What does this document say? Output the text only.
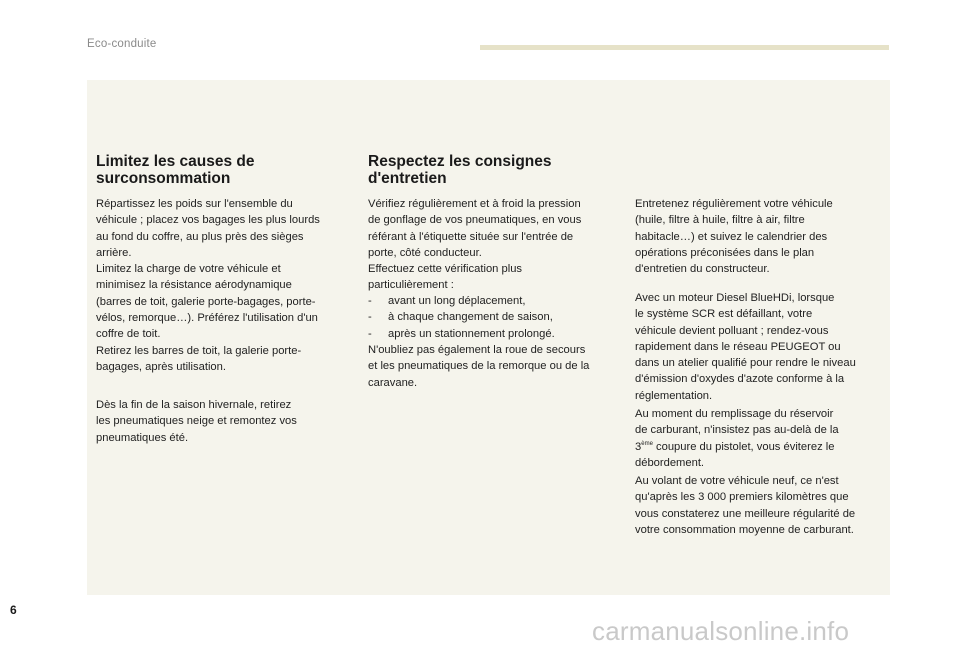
Eco-conduite
Limitez les causes de
surconsommation

Répartissez les poids sur l'ensemble du
véhicule ; placez vos bagages les plus lourds
au fond du coffre, au plus près des sièges
arrière.
Limitez la charge de votre véhicule et
minimisez la résistance aérodynamique
(barres de toit, galerie porte-bagages, porte-
vélos, remorque…). Préférez l'utilisation d'un
coffre de toit.
Retirez les barres de toit, la galerie porte-
bagages, après utilisation.

Dès la fin de la saison hivernale, retirez
les pneumatiques neige et remontez vos
pneumatiques été.

Respectez les consignes
d'entretien

Vérifiez régulièrement et à froid la pression
de gonflage de vos pneumatiques, en vous
référant à l'étiquette située sur l'entrée de
porte, côté conducteur.
Effectuez cette vérification plus
particulièrement :

- avant un long déplacement,
- à chaque changement de saison,
- après un stationnement prolongé.

N'oubliez pas également la roue de secours
et les pneumatiques de la remorque ou de la
caravane.

Entretenez régulièrement votre véhicule
(huile, filtre à huile, filtre à air, filtre
habitacle…) et suivez le calendrier des
opérations préconisées dans le plan
d'entretien du constructeur.

Avec un moteur Diesel BlueHDi, lorsque
le système SCR est défaillant, votre
véhicule devient polluant ; rendez-vous
rapidement dans le réseau PEUGEOT ou
dans un atelier qualifié pour rendre le niveau
d'émission d'oxydes d'azote conforme à la
réglementation.

Au moment du remplissage du réservoir
de carburant, n'insistez pas au-delà de la
3ème coupure du pistolet, vous éviterez le
débordement.

Au volant de votre véhicule neuf, ce n'est
qu'après les 3 000 premiers kilomètres que
vous constaterez une meilleure régularité de
votre consommation moyenne de carburant.

6
carmanualsonline.info
